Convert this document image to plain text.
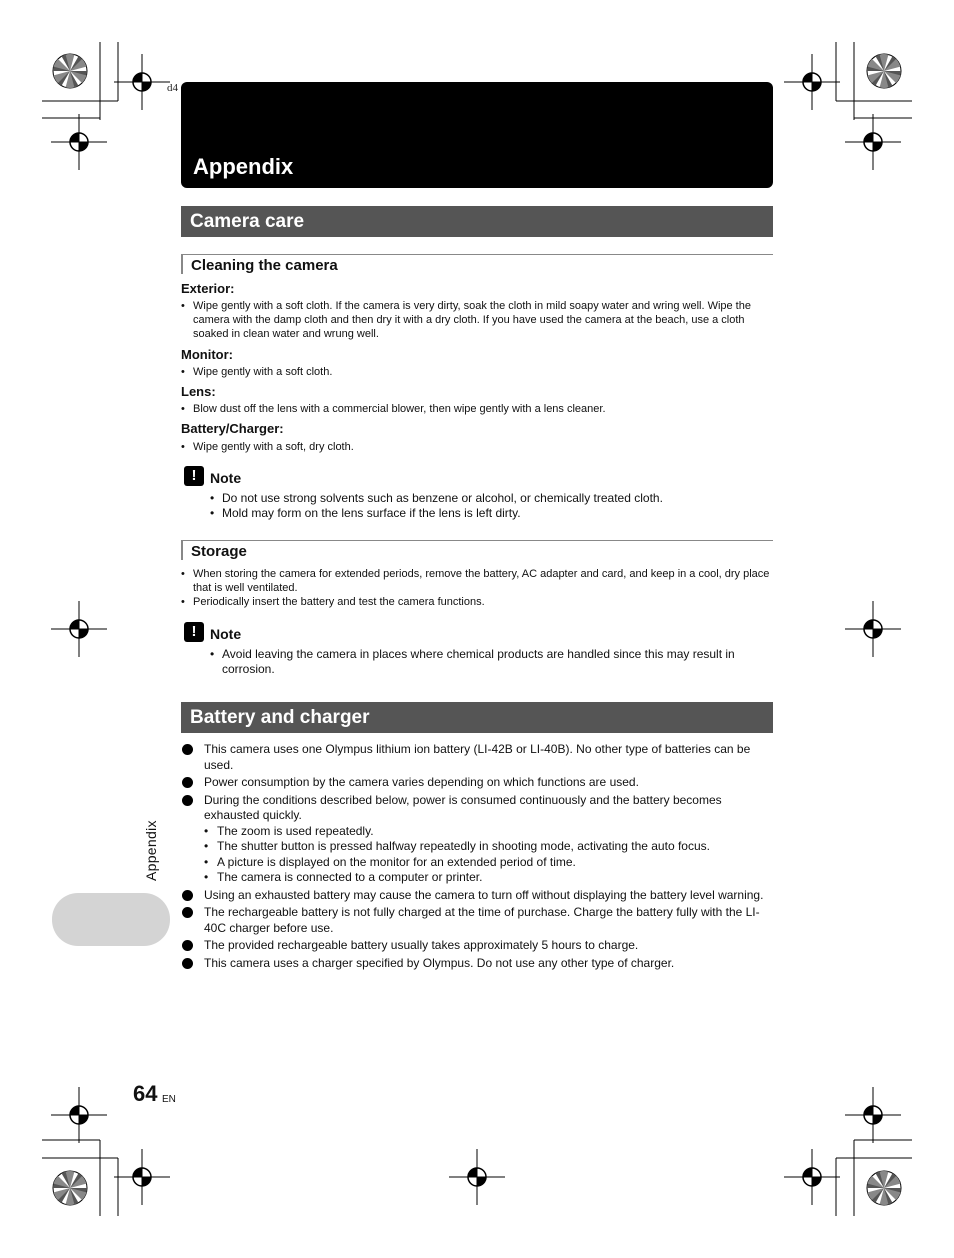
d4
Appendix
Camera care
Cleaning the camera
Exterior:
• Wipe gently with a soft cloth. If the camera is very dirty, soak the cloth in mild soapy water and wring well. Wipe the camera with the damp cloth and then dry it with a dry cloth. If you have used the camera at the beach, use a cloth soaked in clean water and wrung well.
Monitor:
• Wipe gently with a soft cloth.
Lens:
• Blow dust off the lens with a commercial blower, then wipe gently with a lens cleaner.
Battery/Charger:
• Wipe gently with a soft, dry cloth.
! Note
• Do not use strong solvents such as benzene or alcohol, or chemically treated cloth.
• Mold may form on the lens surface if the lens is left dirty.
Storage
• When storing the camera for extended periods, remove the battery, AC adapter and card, and keep in a cool, dry place that is well ventilated.
• Periodically insert the battery and test the camera functions.
! Note
• Avoid leaving the camera in places where chemical products are handled since this may result in corrosion.
Battery and charger
This camera uses one Olympus lithium ion battery (LI-42B or LI-40B). No other type of batteries can be used.
Power consumption by the camera varies depending on which functions are used.
During the conditions described below, power is consumed continuously and the battery becomes exhausted quickly.
• The zoom is used repeatedly.
• The shutter button is pressed halfway repeatedly in shooting mode, activating the auto focus.
• A picture is displayed on the monitor for an extended period of time.
• The camera is connected to a computer or printer.
Using an exhausted battery may cause the camera to turn off without displaying the battery level warning.
The rechargeable battery is not fully charged at the time of purchase. Charge the battery fully with the LI-40C charger before use.
The provided rechargeable battery usually takes approximately 5 hours to charge.
This camera uses a charger specified by Olympus. Do not use any other type of charger.
Appendix
64 EN
